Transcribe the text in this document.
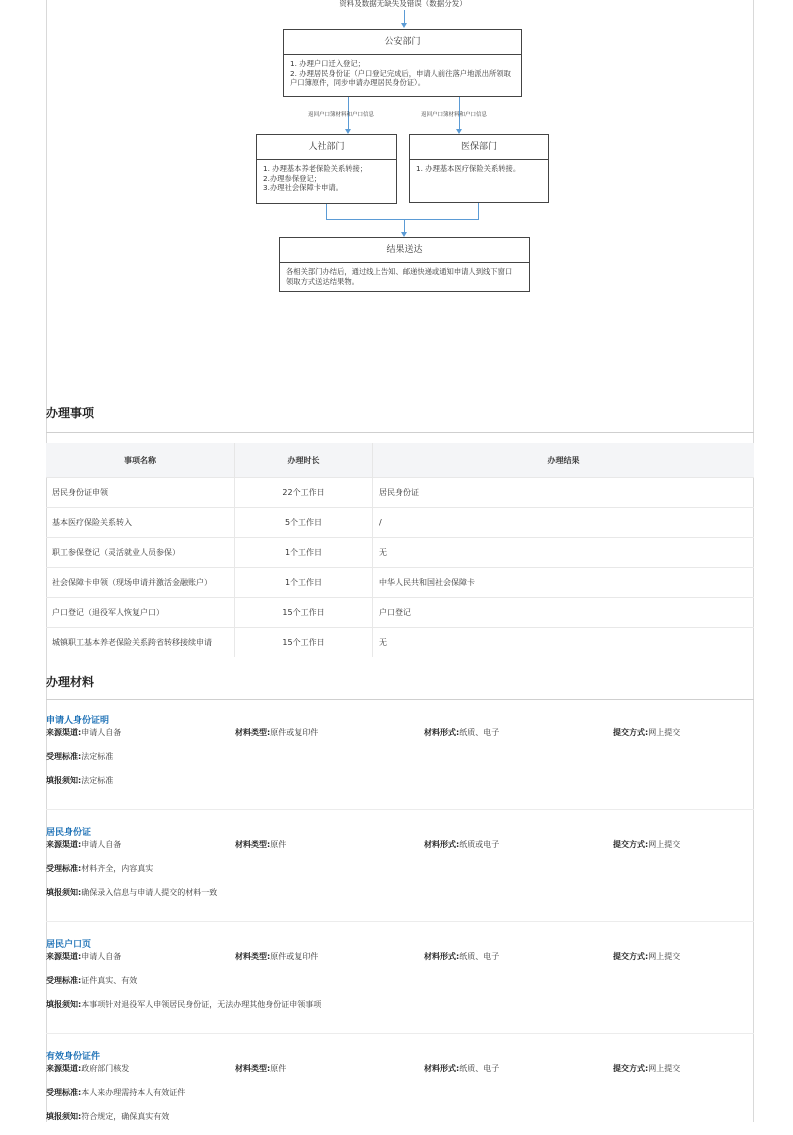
资料及数据无缺失及错误（数据分发）
公安部门
1. 办理户口迁入登记；
2. 办理居民身份证（户口登记完成后，申请人前往落户地派出所领取
户口簿原件，同步申请办理居民身份证）。
返回户口簿材料和户口信息	返回户口簿材料和户口信息
人社部门
1. 办理基本养老保险关系转接；
2.办理参保登记；
3.办理社会保障卡申请。
医保部门
1. 办理基本医疗保险关系转接。
结果送达
各相关部门办结后，通过线上告知、邮递快递或通知申请人到线下窗口
领取方式送达结果物。
办理事项
事项名称	办理时长	办理结果
居民身份证申领	22个工作日	居民身份证
基本医疗保险关系转入	5个工作日	/
职工参保登记（灵活就业人员参保）	1个工作日	无
社会保障卡申领（现场申请并激活金融账户）	1个工作日	中华人民共和国社会保障卡
户口登记（退役军人恢复户口）	15个工作日	户口登记
城镇职工基本养老保险关系跨省转移接续申请	15个工作日	无
办理材料
申请人身份证明
来源渠道:申请人自备	材料类型:原件或复印件	材料形式:纸质、电子	提交方式:网上提交
受理标准:法定标准
填报须知:法定标准
居民身份证
来源渠道:申请人自备	材料类型:原件	材料形式:纸质或电子	提交方式:网上提交
受理标准:材料齐全，内容真实
填报须知:确保录入信息与申请人提交的材料一致
居民户口页
来源渠道:申请人自备	材料类型:原件或复印件	材料形式:纸质、电子	提交方式:网上提交
受理标准:证件真实、有效
填报须知:本事项针对退役军人申领居民身份证，无法办理其他身份证申领事项
有效身份证件
来源渠道:政府部门核发	材料类型:原件	材料形式:纸质、电子	提交方式:网上提交
受理标准:本人来办理需持本人有效证件
填报须知:符合规定，确保真实有效
